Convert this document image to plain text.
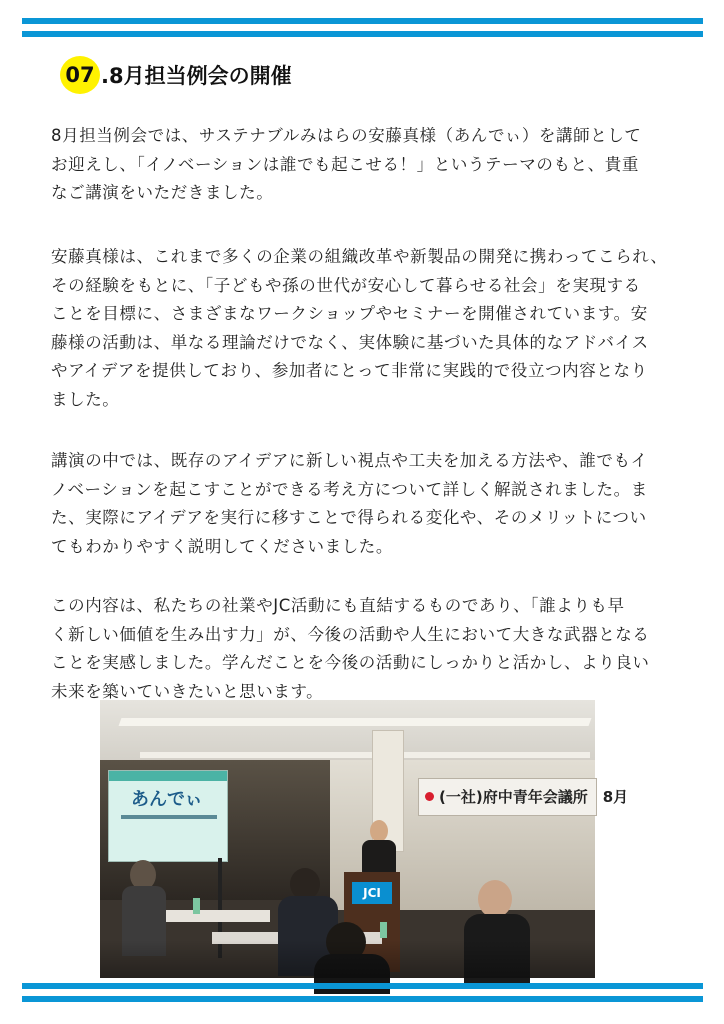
07 .8月担当例会の開催

8月担当例会では、サステナブルみはらの安藤真様（あんでぃ）を講師として
お迎えし、「イノベーションは誰でも起こせる！」というテーマのもと、貴重
なご講演をいただきました。

安藤真様は、これまで多くの企業の組織改革や新製品の開発に携わってこられ、
その経験をもとに、「子どもや孫の世代が安心して暮らせる社会」を実現する
ことを目標に、さまざまなワークショップやセミナーを開催されています。安
藤様の活動は、単なる理論だけでなく、実体験に基づいた具体的なアドバイス
やアイデアを提供しており、参加者にとって非常に実践的で役立つ内容となり
ました。

講演の中では、既存のアイデアに新しい視点や工夫を加える方法や、誰でもイ
ノベーションを起こすことができる考え方について詳しく解説されました。ま
た、実際にアイデアを実行に移すことで得られる変化や、そのメリットについ
てもわかりやすく説明してくださいました。

この内容は、私たちの社業やJC活動にも直結するものであり、「誰よりも早
く新しい価値を生み出す力」が、今後の活動や人生において大きな武器となる
ことを実感しました。学んだことを今後の活動にしっかりと活かし、より良い
未来を築いていきたいと思います。

あんでぃ	(一社)府中青年会議所　8月
JCI
